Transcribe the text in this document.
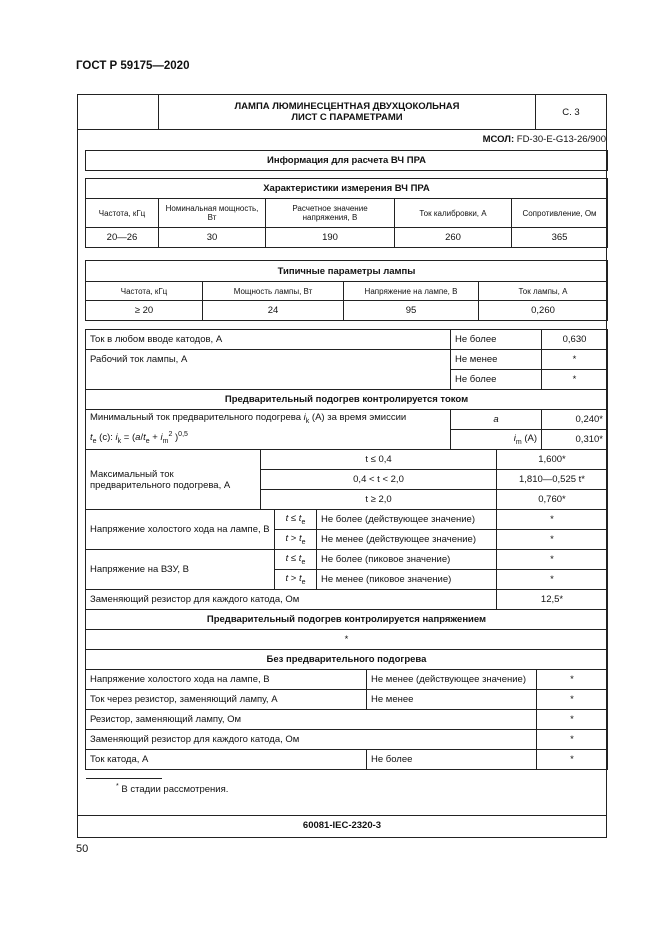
ГОСТ Р 59175—2020

ЛАМПА ЛЮМИНЕСЦЕНТНАЯ ДВУХЦОКОЛЬНАЯ
ЛИСТ С ПАРАМЕТРАМИ	С. 3
МСОЛ: FD-30-E-G13-26/900
Информация для расчета ВЧ ПРА
Характеристики измерения ВЧ ПРА				
Частота, кГц	Номинальная мощность, Вт	Расчетное значение напряжения, В	Ток калибровки, А	Сопротивление, Ом
20—26	30	190	260	365
Типичные параметры лампы			
Частота, кГц	Мощность лампы, Вт	Напряжение на лампе, В	Ток лампы, А
≥ 20	24	95	0,260
Ток в любом вводе катодов, А	Не более	0,630
Рабочий ток лампы, А	Не менее	*
	Не более	*
Предварительный подогрев контролируется током		
Минимальный ток предварительного подогрева $i_k$ (А) за время эмиссии
$t_e$ (с): $i_k = (a/t_e + i_m^2$ )$^{0,5}$	a	0,240*
	$i_m$ (А)	0,310*
Максимальный ток предварительного подогрева, А	t ≤ 0,4	1,600*
	0,4 < t < 2,0	1,810—0,525 t*
	t ≥ 2,0	0,760*
Напряжение холостого хода на лампе, В	$t \le t_e$	Не более (действующее значение)	*
	$t > t_e$	Не менее (действующее значение)	*
Напряжение на ВЗУ, В	$t \le t_e$	Не более (пиковое значение)	*
	$t > t_e$	Не менее (пиковое значение)	*
Заменяющий резистор для каждого катода, Ом			12,5*
Предварительный подогрев контролируется напряжением
*
Без предварительного подогрева		
Напряжение холостого хода на лампе, В	Не менее (действующее значение)	*
Ток через резистор, заменяющий лампу, А	Не менее	*
Резистор, заменяющий лампу, Ом		*
Заменяющий резистор для каждого катода, Ом		*
Ток катода, А	Не более	*
* В стадии рассмотрения.
60081-IEC-2320-3
50
